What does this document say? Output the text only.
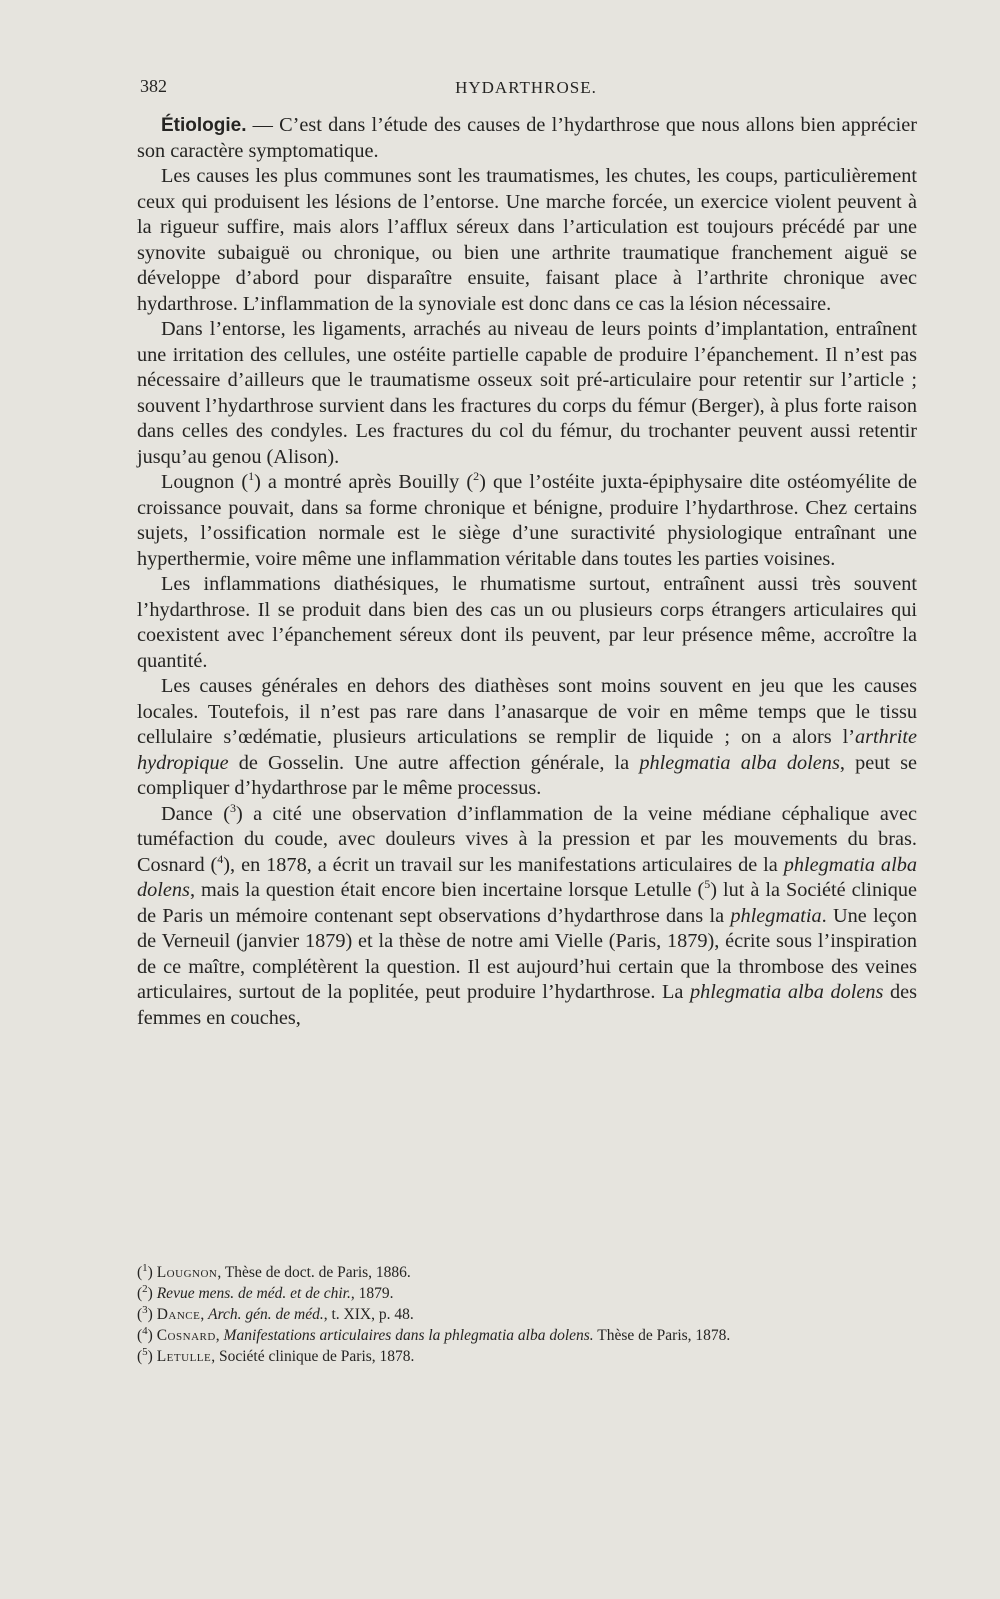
382	HYDARTHROSE.

Étiologie. — C’est dans l’étude des causes de l’hydarthrose que nous allons bien apprécier son caractère symptomatique.

Les causes les plus communes sont les traumatismes, les chutes, les coups, particulièrement ceux qui produisent les lésions de l’entorse. Une marche forcée, un exercice violent peuvent à la rigueur suffire, mais alors l’afflux séreux dans l’articulation est toujours précédé par une synovite subaiguë ou chronique, ou bien une arthrite traumatique franchement aiguë se développe d’abord pour disparaître ensuite, faisant place à l’arthrite chronique avec hydarthrose. L’inflammation de la synoviale est donc dans ce cas la lésion nécessaire.

Dans l’entorse, les ligaments, arrachés au niveau de leurs points d’implantation, entraînent une irritation des cellules, une ostéite partielle capable de produire l’épanchement. Il n’est pas nécessaire d’ailleurs que le traumatisme osseux soit pré-articulaire pour retentir sur l’article ; souvent l’hydarthrose survient dans les fractures du corps du fémur (Berger), à plus forte raison dans celles des condyles. Les fractures du col du fémur, du trochanter peuvent aussi retentir jusqu’au genou (Alison).

Lougnon ($^1$) a montré après Bouilly ($^2$) que l’ostéite juxta-épiphysaire dite ostéomyélite de croissance pouvait, dans sa forme chronique et bénigne, produire l’hydarthrose. Chez certains sujets, l’ossification normale est le siège d’une suractivité physiologique entraînant une hyperthermie, voire même une inflammation véritable dans toutes les parties voisines.

Les inflammations diathésiques, le rhumatisme surtout, entraînent aussi très souvent l’hydarthrose. Il se produit dans bien des cas un ou plusieurs corps étrangers articulaires qui coexistent avec l’épanchement séreux dont ils peuvent, par leur présence même, accroître la quantité.

Les causes générales en dehors des diathèses sont moins souvent en jeu que les causes locales. Toutefois, il n’est pas rare dans l’anasarque de voir en même temps que le tissu cellulaire s’œdématie, plusieurs articulations se remplir de liquide ; on a alors l’arthrite hydropique de Gosselin. Une autre affection générale, la phlegmatia alba dolens, peut se compliquer d’hydarthrose par le même processus.

Dance ($^3$) a cité une observation d’inflammation de la veine médiane céphalique avec tuméfaction du coude, avec douleurs vives à la pression et par les mouvements du bras. Cosnard ($^4$), en 1878, a écrit un travail sur les manifestations articulaires de la phlegmatia alba dolens, mais la question était encore bien incertaine lorsque Letulle ($^5$) lut à la Société clinique de Paris un mémoire contenant sept observations d’hydarthrose dans la phlegmatia. Une leçon de Verneuil (janvier 1879) et la thèse de notre ami Vielle (Paris, 1879), écrite sous l’inspiration de ce maître, complétèrent la question. Il est aujourd’hui certain que la thrombose des veines articulaires, surtout de la poplitée, peut produire l’hydarthrose. La phlegmatia alba dolens des femmes en couches,

($^1$) Lougnon, Thèse de doct. de Paris, 1886.

($^2$) Revue mens. de méd. et de chir., 1879.

($^3$) Dance, Arch. gén. de méd., t. XIX, p. 48.

($^4$) Cosnard, Manifestations articulaires dans la phlegmatia alba dolens. Thèse de Paris, 1878.

($^5$) Letulle, Société clinique de Paris, 1878.
